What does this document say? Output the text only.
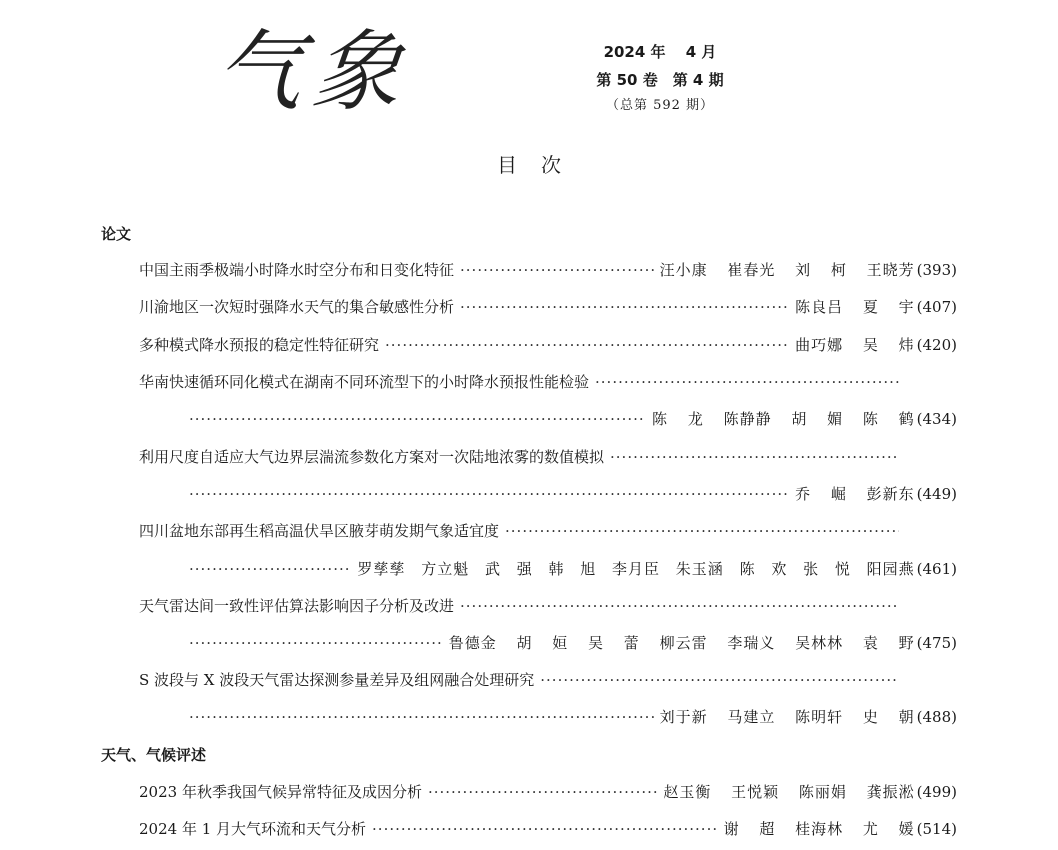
气象	2024 年　 4 月
第 50 卷　第 4 期
（总第 592 期）
目次
论文
中国主雨季极端小时降水时空分布和日变化特征 ·····	汪小康 崔春光 刘 柯 王晓芳 (393)
川渝地区一次短时强降水天气的集合敏感性分析 ·····	陈良吕 夏 宇 (407)
多种模式降水预报的稳定性特征研究 ·····	曲巧娜 吴 炜 (420)
华南快速循环同化模式在湖南不同环流型下的小时降水预报性能检验
·····
·····
陈 龙 陈静静 胡 媚 陈 鹤 (434)
利用尺度自适应大气边界层湍流参数化方案对一次陆地浓雾的数值模拟
·····
·····
乔 崛 彭新东 (449)
四川盆地东部再生稻高温伏旱区腋芽萌发期气象适宜度
·····
·····
罗孳孳 方立魁 武 强 韩 旭 李月臣 朱玉涵 陈 欢 张 悦 阳园燕 (461)
天气雷达间一致性评估算法影响因子分析及改进
·····
·····
鲁德金 胡 姮 吴 蕾 柳云雷 李瑞义 吴林林 袁 野 (475)
S 波段与 X 波段天气雷达探测参量差异及组网融合处理研究
·····
·····
刘于新 马建立 陈明轩 史 朝 (488)
天气、气候评述
2023 年秋季我国气候异常特征及成因分析 ·····	赵玉衡 王悦颖 陈丽娟 龚振淞 (499)
2024 年 1 月大气环流和天气分析 ·····	谢 超 桂海林 尤 媛 (514)
